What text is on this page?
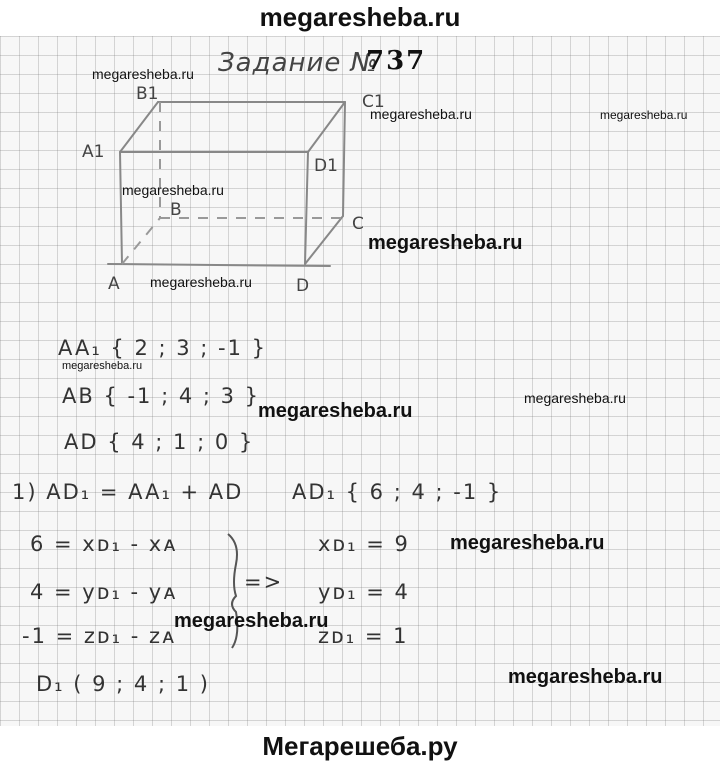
megaresheba.ru
B1	C1
A1
D1
B
C
A	D
Задание №
737
AA₁ { 2 ; 3 ; -1 }
AB { -1 ; 4 ; 3 }
AD { 4 ; 1 ; 0 }
1) AD₁ = AA₁ + AD AD₁ { 6 ; 4 ; -1 }
6 = xᴅ₁ - xᴀ
4 = yᴅ₁ - yᴀ
-1 = zᴅ₁ - zᴀ
=>
xᴅ₁ = 9
yᴅ₁ = 4
zᴅ₁ = 1
D₁ ( 9 ; 4 ; 1 )
megaresheba.ru
megaresheba.ru	megaresheba.ru
megaresheba.ru
megaresheba.ru
megaresheba.ru
megaresheba.ru
megaresheba.ru
megaresheba.ru
megaresheba.ru
megaresheba.ru
megaresheba.ru
Мегарешеба.ру
